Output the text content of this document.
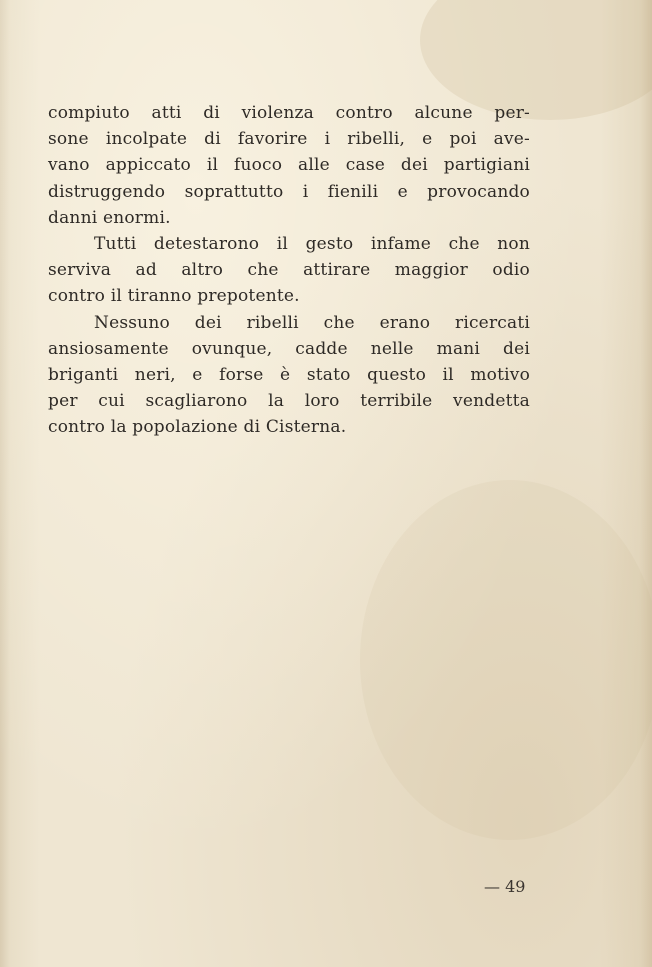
compiuto atti di violenza contro alcune per-
sone incolpate di favorire i ribelli, e poi ave-
vano appiccato il fuoco alle case dei partigiani
distruggendo soprattutto i fienili e provocando
danni enormi.

Tutti detestarono il gesto infame che non
serviva ad altro che attirare maggior odio
contro il tiranno prepotente.

Nessuno dei ribelli che erano ricercati
ansiosamente ovunque, cadde nelle mani dei
briganti neri, e forse è stato questo il motivo
per cui scagliarono la loro terribile vendetta
contro la popolazione di Cisterna.

— 49
